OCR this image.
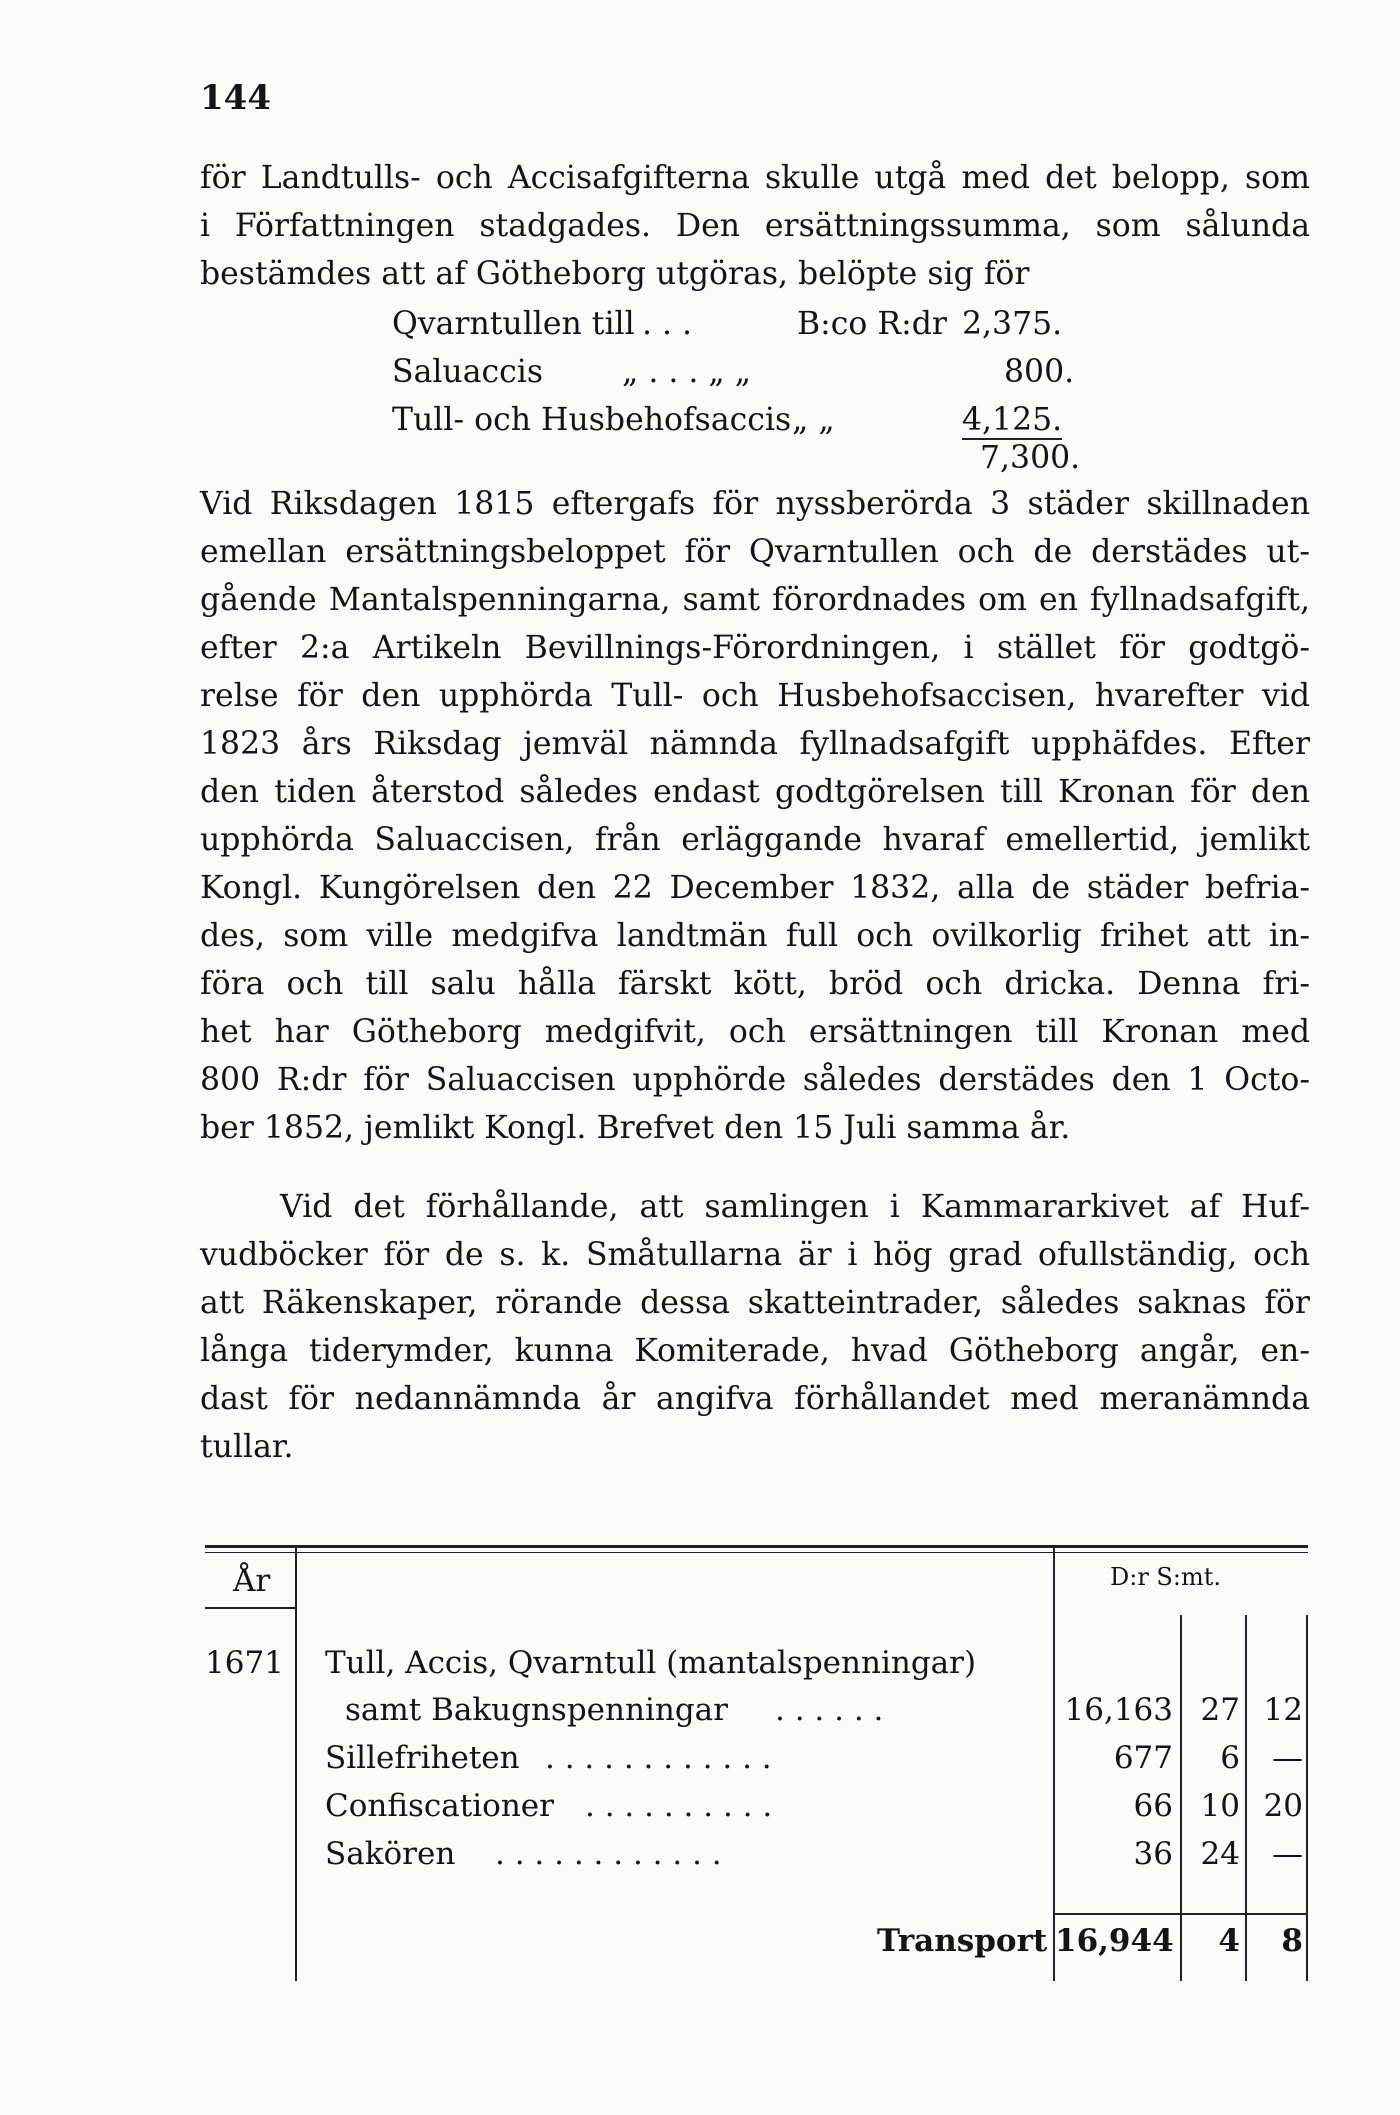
144

för Landtulls- och Accisafgifterna skulle utgå med det belopp, som
i Författningen stadgades. Den ersättningssumma, som sålunda
bestämdes att af Götheborg utgöras, belöpte sig för

Qvarntullen till . . .	B:co R:dr 2,375.
Saluaccis	„ . . . „ „	800.
Tull- och Husbehofsaccis „ „	4,125.
7,300.

Vid Riksdagen 1815 eftergafs för nyssberörda 3 städer skillnaden
emellan ersättningsbeloppet för Qvarntullen och de derstädes ut-
gående Mantalspenningarna, samt förordnades om en fyllnadsafgift,
efter 2:a Artikeln Bevillnings-Förordningen, i stället för godtgö-
relse för den upphörda Tull- och Husbehofsaccisen, hvarefter vid
1823 års Riksdag jemväl nämnda fyllnadsafgift upphäfdes. Efter
den tiden återstod således endast godtgörelsen till Kronan för den
upphörda Saluaccisen, från erläggande hvaraf emellertid, jemlikt
Kongl. Kungörelsen den 22 December 1832, alla de städer befria-
des, som ville medgifva landtmän full och ovilkorlig frihet att in-
föra och till salu hålla färskt kött, bröd och dricka. Denna fri-
het har Götheborg medgifvit, och ersättningen till Kronan med
800 R:dr för Saluaccisen upphörde således derstädes den 1 Octo-
ber 1852, jemlikt Kongl. Brefvet den 15 Juli samma år.

Vid det förhållande, att samlingen i Kammararkivet af Huf-
vudböcker för de s. k. Småtullarna är i hög grad ofullständig, och
att Räkenskaper, rörande dessa skatteintrader, således saknas för
långa tiderymder, kunna Komiterade, hvad Götheborg angår, en-
dast för nedannämnda år angifva förhållandet med meranämnda
tullar.

År	D:r S:mt.
1671 Tull, Accis, Qvarntull (mantalspenningar)
samt Bakugnspenningar . . . . . .	16,163 27 12
Sillefriheten . . . . . . . . . . . .	677	6	—
Confiscationer . . . . . . . . . .	66 10 20
Sakören . . . . . . . . . . . .	36 24	—
Transport 16,944	4	8
